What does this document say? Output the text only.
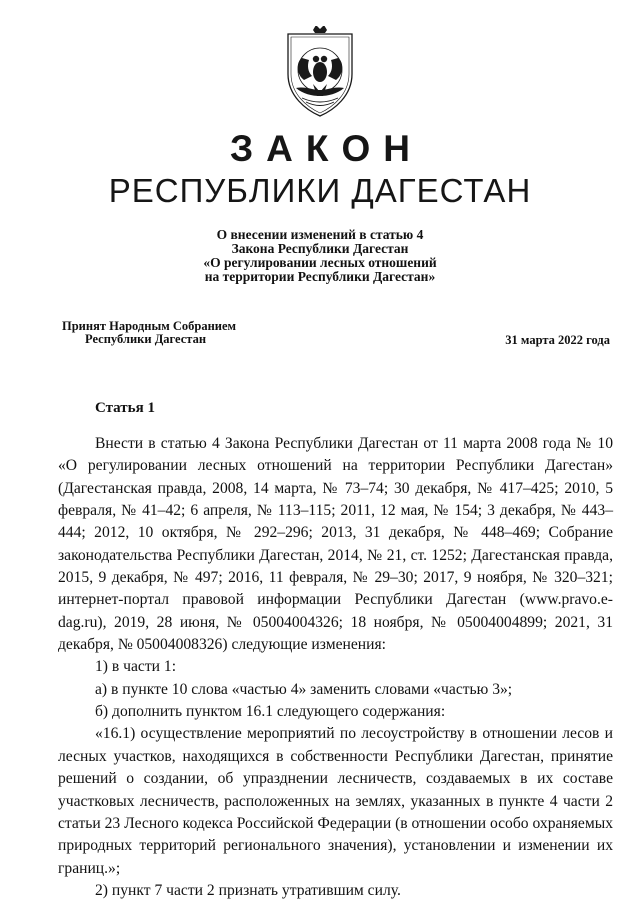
ЗАКОН
РЕСПУБЛИКИ ДАГЕСТАН
О внесении изменений в статью 4
Закона Республики Дагестан
«О регулировании лесных отношений
на территории Республики Дагестан»
Принят Народным Собранием
Республики Дагестан	31 марта 2022 года
Статья 1

Внести в статью 4 Закона Республики Дагестан от 11 марта 2008 года № 10 «О регулировании лесных отношений на территории Республики Дагестан» (Дагестанская правда, 2008, 14 марта, № 73–74; 30 декабря, № 417–425; 2010, 5 февраля, № 41–42; 6 апреля, № 113–115; 2011, 12 мая, № 154; 3 декабря, № 443–444; 2012, 10 октября, № 292–296; 2013, 31 декабря, № 448–469; Собрание законодательства Республики Дагестан, 2014, № 21, ст. 1252; Дагестанская правда, 2015, 9 декабря, № 497; 2016, 11 февраля, № 29–30; 2017, 9 ноября, № 320–321; интернет-портал правовой информации Республики Дагестан (www.pravo.e-dag.ru), 2019, 28 июня, № 05004004326; 18 ноября, № 05004004899; 2021, 31 декабря, № 05004008326) следующие изменения:

1) в части 1:

а) в пункте 10 слова «частью 4» заменить словами «частью 3»;

б) дополнить пунктом 16.1 следующего содержания:

«16.1) осуществление мероприятий по лесоустройству в отношении лесов и лесных участков, находящихся в собственности Республики Дагестан, принятие решений о создании, об упразднении лесничеств, создаваемых в их составе участковых лесничеств, расположенных на землях, указанных в пункте 4 части 2 статьи 23 Лесного кодекса Российской Федерации (в отношении особо охраняемых природных территорий регионального значения), установлении и изменении их границ.»;

2) пункт 7 части 2 признать утратившим силу.
